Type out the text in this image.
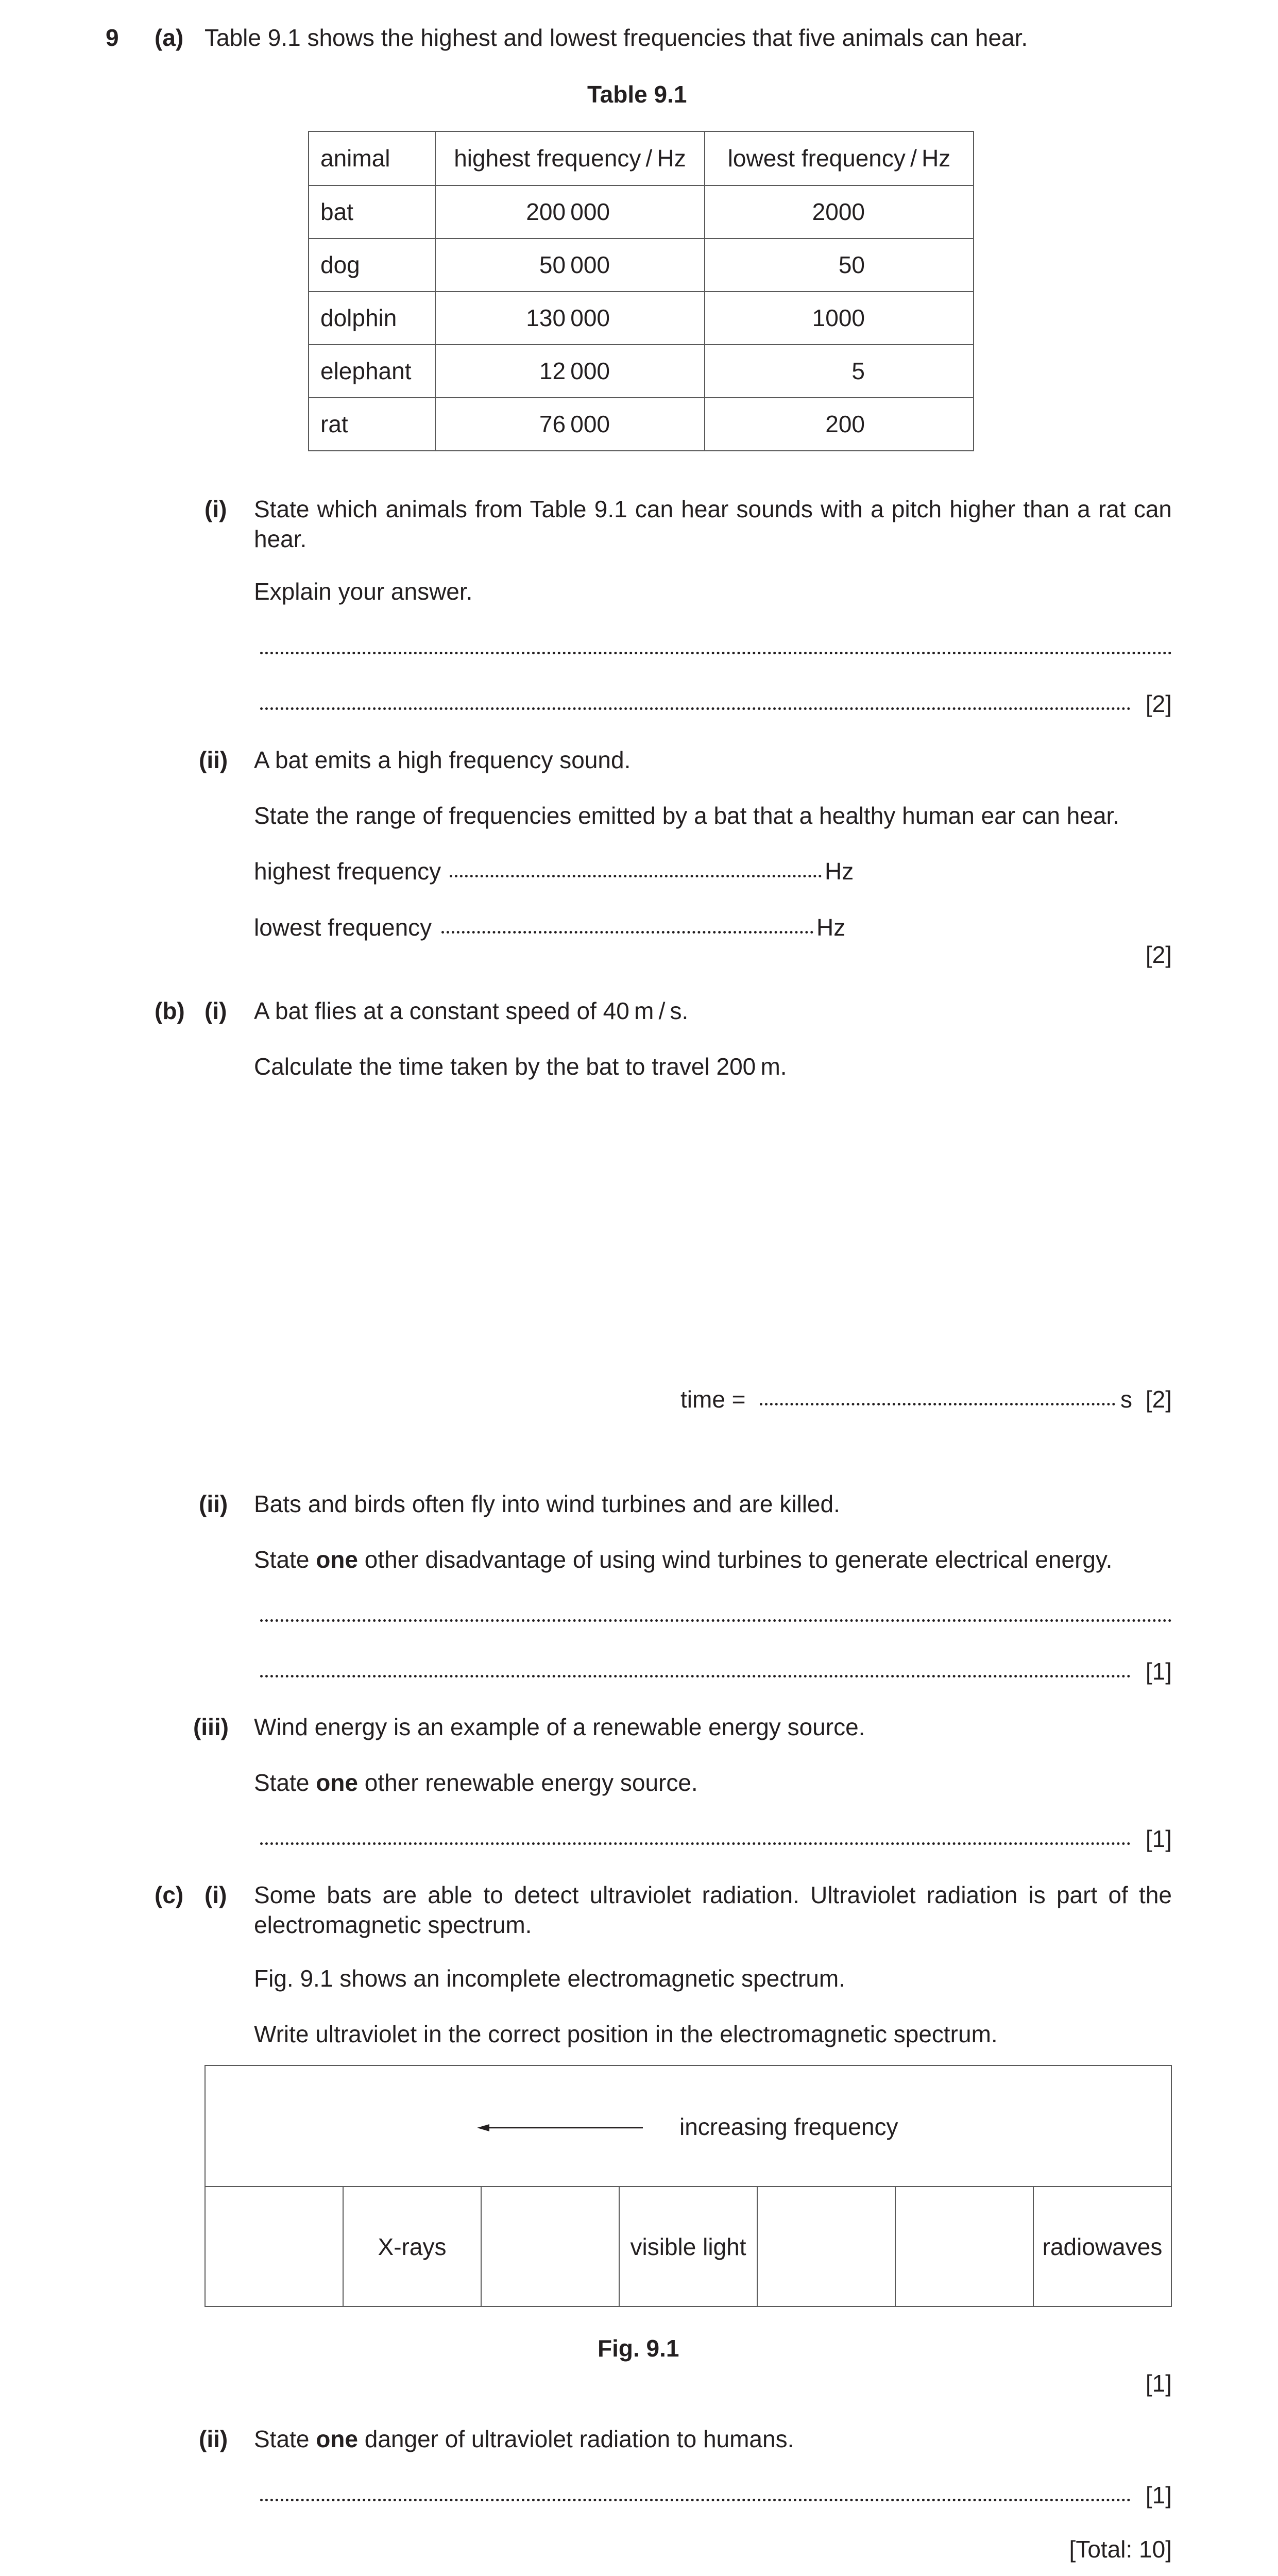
9 (a) Table 9.1 shows the highest and lowest frequencies that five animals can hear.
Table 9.1
animal	highest frequency / Hz	lowest frequency / Hz
bat	200 000	2000
dog	50 000	50
dolphin	130 000	1000
elephant	12 000	5
rat	76 000	200
(i) State which animals from Table 9.1 can hear sounds with a pitch higher than a rat can hear.
Explain your answer.
[2]
(ii) A bat emits a high frequency sound.
State the range of frequencies emitted by a bat that a healthy human ear can hear.
highest frequency	Hz
lowest frequency	Hz
[2]
(b) (i) A bat flies at a constant speed of 40 m / s.
Calculate the time taken by the bat to travel 200 m.
time =	s [2]
(ii) Bats and birds often fly into wind turbines and are killed.
State one other disadvantage of using wind turbines to generate electrical energy.
[1]
(iii) Wind energy is an example of a renewable energy source.
State one other renewable energy source.
[1]
(c) (i) Some bats are able to detect ultraviolet radiation. Ultraviolet radiation is part of the electromagnetic spectrum.
Fig. 9.1 shows an incomplete electromagnetic spectrum.
Write ultraviolet in the correct position in the electromagnetic spectrum.
increasing frequency
X-rays	visible light	radiowaves
Fig. 9.1
[1]
(ii) State one danger of ultraviolet radiation to humans.
[1]
[Total: 10]
